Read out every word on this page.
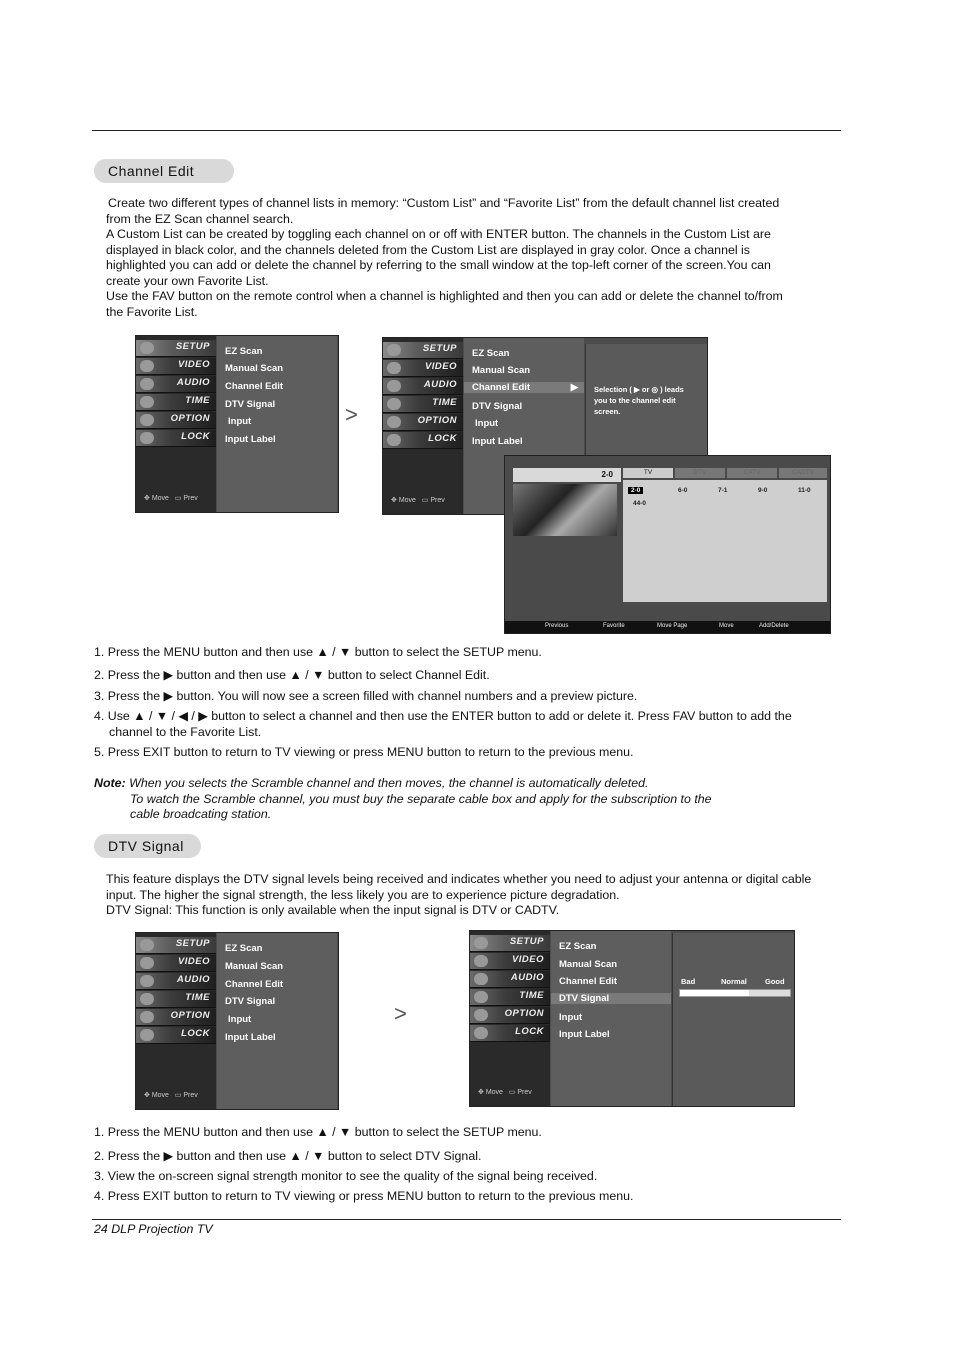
Channel Edit

Create two different types of channel lists in memory: “Custom List” and “Favorite List” from the default channel list created from the EZ Scan channel search.

A Custom List can be created by toggling each channel on or off with ENTER button. The channels in the Custom List are displayed in black color, and the channels deleted from the Custom List are displayed in gray color. Once a channel is highlighted you can add or delete the channel by referring to the small window at the top-left corner of the screen.You can create your own Favorite List.

Use the FAV button on the remote control when a channel is highlighted and then you can add or delete the channel to/from the Favorite List.

SETUP
VIDEO
AUDIO
TIME
OPTION
LOCK
✥ Move   ▭ Prev
EZ Scan
Manual Scan
Channel Edit
DTV Signal
Input
Input Label
>
SETUP
VIDEO
AUDIO
TIME
OPTION
LOCK
✥ Move   ▭ Prev
EZ Scan
Manual Scan
Channel Edit	▶
DTV Signal
Input
Input Label
Selection ( ▶ or ◎ ) leads you to the channel edit screen.
2-0	TV	DTV	CATV	CADTV
2-0	6-0	7-1	9-0	11-0
44-0
Previous	Favorite	Move Page	Move	Add/Delete
1. Press the MENU button and then use ▲ / ▼ button to select the SETUP menu.
2. Press the ▶ button and then use ▲ / ▼ button to select Channel Edit.
3. Press the ▶ button. You will now see a screen filled with channel numbers and a preview picture.
4. Use ▲ / ▼ / ◀ / ▶ button to select a channel and then use the ENTER button to add or delete it. Press FAV button to add the channel to the Favorite List.
5. Press EXIT button to return to TV viewing or press MENU button to return to the previous menu.
Note: When you selects the Scramble channel and then moves, the channel is automatically deleted.
To watch the Scramble channel, you must buy the separate cable box and apply for the subscription to the
cable broadcating station.
DTV Signal

This feature displays the DTV signal levels being received and indicates whether you need to adjust your antenna or digital cable input. The higher the signal strength, the less likely you are to experience picture degradation.

DTV Signal: This function is only available when the input signal is DTV or CADTV.

SETUP
VIDEO
AUDIO
TIME
OPTION
LOCK
✥ Move   ▭ Prev
EZ Scan
Manual Scan
Channel Edit
DTV Signal
Input
Input Label
>
SETUP
VIDEO
AUDIO
TIME
OPTION
LOCK
✥ Move   ▭ Prev
EZ Scan
Manual Scan
Channel Edit
DTV Signal
Input
Input Label
Bad	Normal Good
1. Press the MENU button and then use ▲ / ▼ button to select the SETUP menu.
2. Press the ▶ button and then use ▲ / ▼ button to select DTV Signal.
3. View the on-screen signal strength monitor to see the quality of the signal being received.
4. Press EXIT button to return to TV viewing or press MENU button to return to the previous menu.
24 DLP Projection TV
